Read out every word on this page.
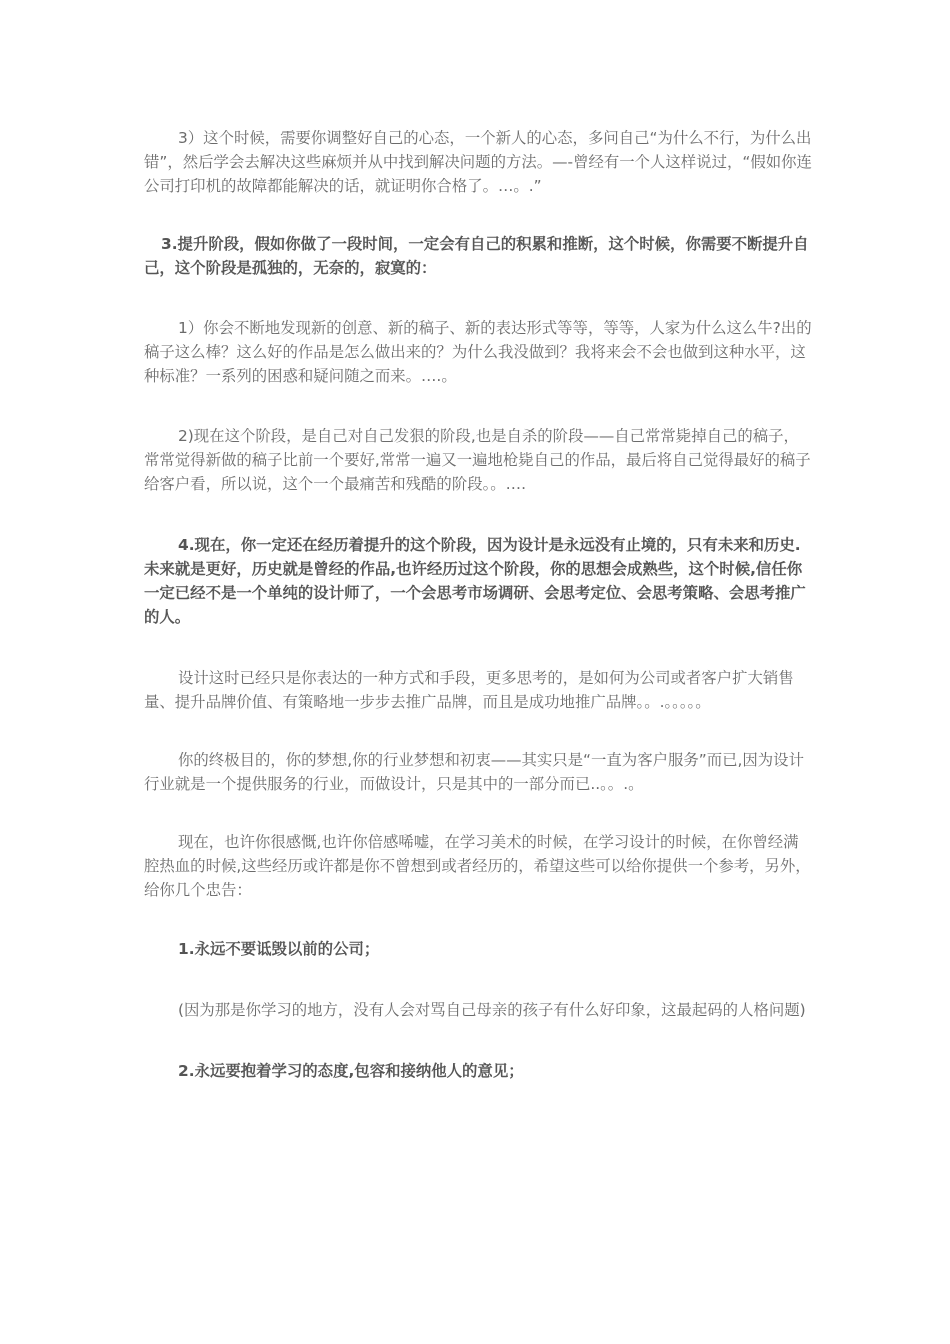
3）这个时候，需要你调整好自己的心态，一个新人的心态，多问自己“为什么不行，为什么出错”，然后学会去解决这些麻烦并从中找到解决问题的方法。—-曾经有一个人这样说过，“假如你连公司打印机的故障都能解决的话，就证明你合格了。…。.”

3.提升阶段，假如你做了一段时间，一定会有自己的积累和推断，这个时候，你需要不断提升自己，这个阶段是孤独的，无奈的，寂寞的：

1）你会不断地发现新的创意、新的稿子、新的表达形式等等，等等，人家为什么这么牛?出的稿子这么棒？这么好的作品是怎么做出来的？为什么我没做到？我将来会不会也做到这种水平，这种标准？一系列的困惑和疑问随之而来。….。

2)现在这个阶段，是自己对自己发狠的阶段,也是自杀的阶段——自己常常毙掉自己的稿子，常常觉得新做的稿子比前一个要好,常常一遍又一遍地枪毙自己的作品，最后将自己觉得最好的稿子给客户看，所以说，这个一个最痛苦和残酷的阶段。。….

4.现在，你一定还在经历着提升的这个阶段，因为设计是永远没有止境的，只有未来和历史.未来就是更好，历史就是曾经的作品,也许经历过这个阶段，你的思想会成熟些，这个时候,信任你一定已经不是一个单纯的设计师了，一个会思考市场调研、会思考定位、会思考策略、会思考推广的人。

设计这时已经只是你表达的一种方式和手段，更多思考的，是如何为公司或者客户扩大销售量、提升品牌价值、有策略地一步步去推广品牌，而且是成功地推广品牌。。.。。。。。

你的终极目的，你的梦想,你的行业梦想和初衷——其实只是“一直为客户服务”而已,因为设计行业就是一个提供服务的行业，而做设计，只是其中的一部分而已..。。.。

现在，也许你很感慨,也许你倍感唏嘘，在学习美术的时候，在学习设计的时候，在你曾经满腔热血的时候,这些经历或许都是你不曾想到或者经历的，希望这些可以给你提供一个参考，另外，给你几个忠告：

1.永远不要诋毁以前的公司；

(因为那是你学习的地方，没有人会对骂自己母亲的孩子有什么好印象，这最起码的人格问题)

2.永远要抱着学习的态度,包容和接纳他人的意见；
